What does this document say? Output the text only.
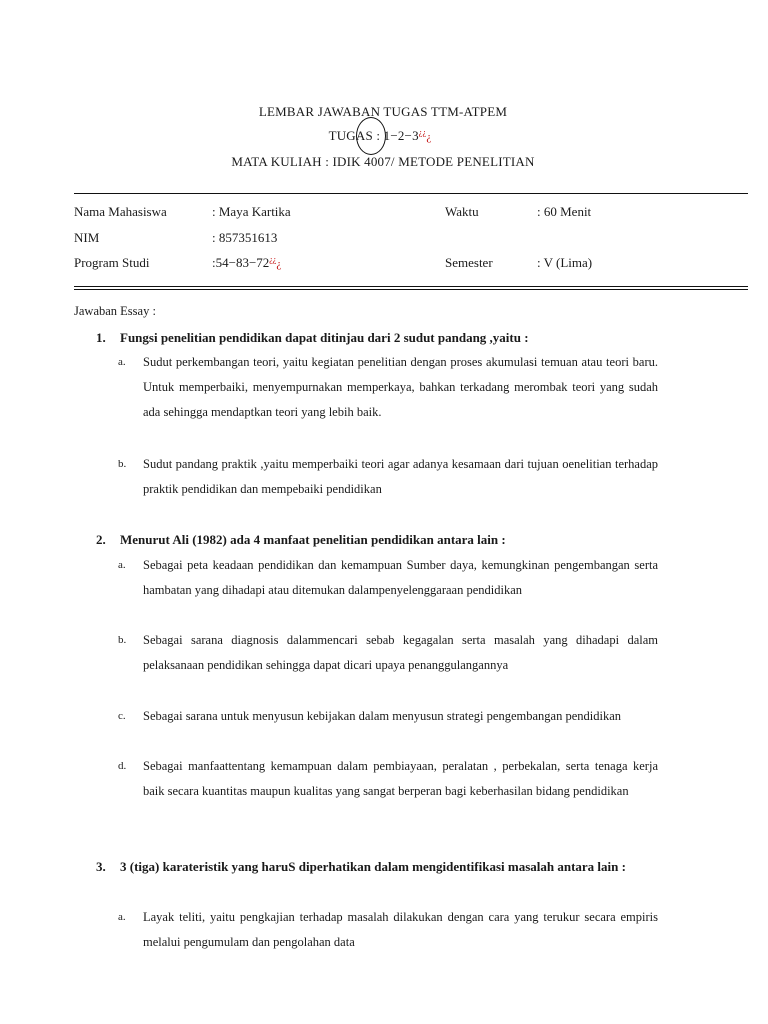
LEMBAR JAWABAN TUGAS TTM-ATPEM
TUGAS : 1−2−3¿¿¿
MATA KULIAH : IDIK 4007/ METODE PENELITIAN
Nama Mahasiswa	: Maya Kartika	Waktu	: 60 Menit
NIM	: 857351613
Program Studi	:54−83−72¿¿¿	Semester	: V (Lima)
Jawaban Essay :
1. Fungsi penelitian pendidikan dapat ditinjau dari 2 sudut pandang ,yaitu :
a. Sudut perkembangan teori, yaitu kegiatan penelitian dengan proses akumulasi temuan atau teori baru. Untuk memperbaiki, menyempurnakan memperkaya, bahkan terkadang merombak teori yang sudah ada sehingga mendaptkan teori yang lebih baik.
b. Sudut pandang praktik ,yaitu memperbaiki teori agar adanya kesamaan dari tujuan oenelitian terhadap praktik pendidikan dan mempebaiki pendidikan
2. Menurut Ali (1982) ada 4 manfaat penelitian pendidikan antara lain :
a. Sebagai peta keadaan pendidikan dan kemampuan Sumber daya, kemungkinan pengembangan serta hambatan yang dihadapi atau ditemukan dalampenyelenggaraan pendidikan
b. Sebagai sarana diagnosis dalammencari sebab kegagalan serta masalah yang dihadapi dalam pelaksanaan pendidikan sehingga dapat dicari upaya penanggulangannya
c. Sebagai sarana untuk menyusun kebijakan dalam menyusun strategi pengembangan pendidikan
d. Sebagai manfaattentang kemampuan dalam pembiayaan, peralatan , perbekalan, serta tenaga kerja baik secara kuantitas maupun kualitas yang sangat berperan bagi keberhasilan bidang pendidikan
3. 3 (tiga) karateristik yang haruS diperhatikan dalam mengidentifikasi masalah antara lain :
a. Layak teliti, yaitu pengkajian terhadap masalah dilakukan dengan cara yang terukur secara empiris melalui pengumulam dan pengolahan data
